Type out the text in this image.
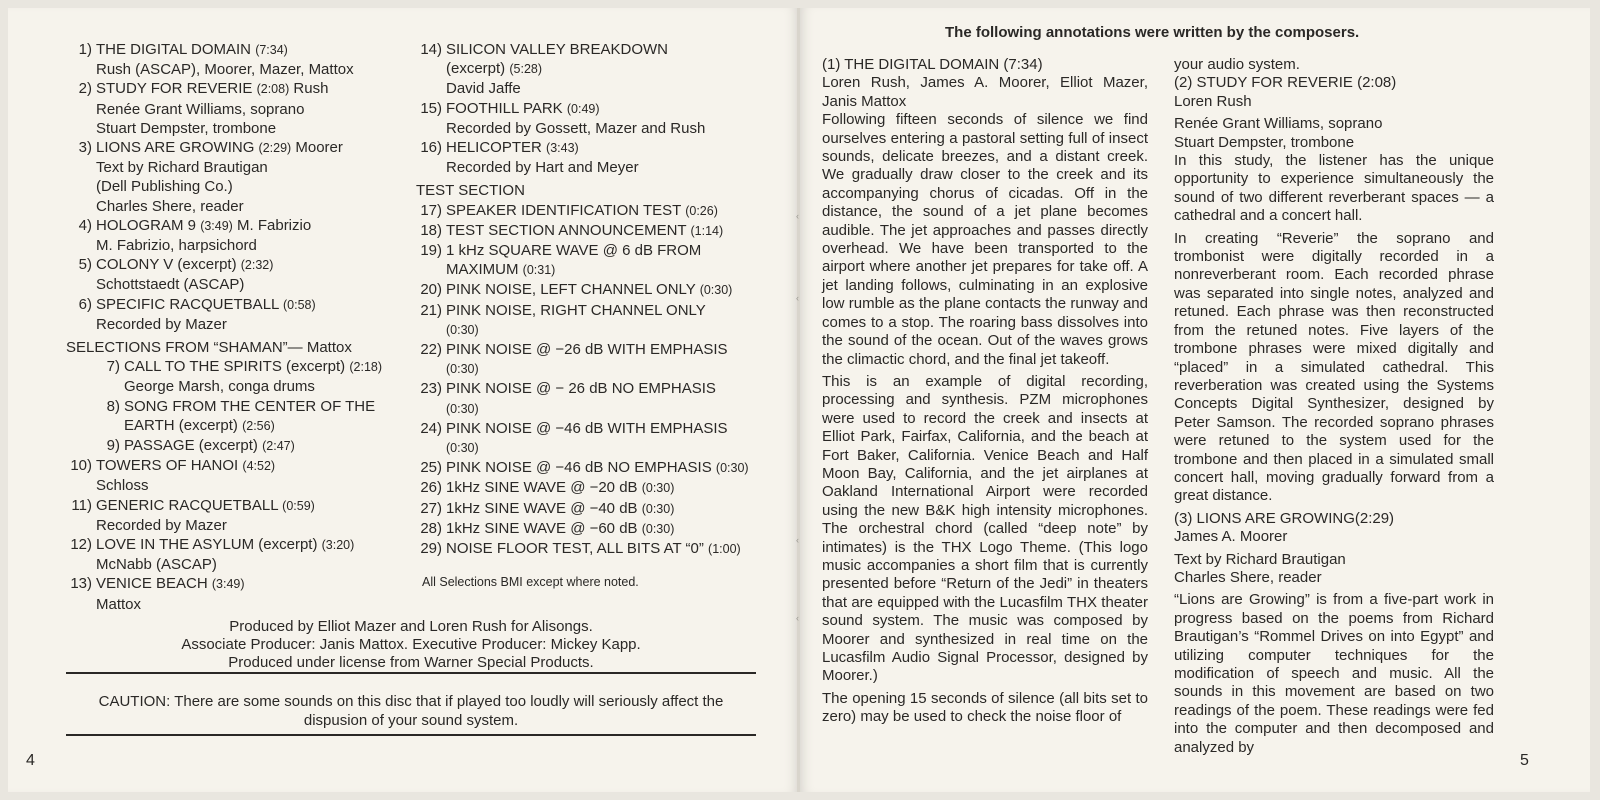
1) THE DIGITAL DOMAIN (7:34)
Rush (ASCAP), Moorer, Mazer, Mattox
2) STUDY FOR REVERIE (2:08) Rush
Renée Grant Williams, soprano
Stuart Dempster, trombone
3) LIONS ARE GROWING (2:29) Moorer
Text by Richard Brautigan
(Dell Publishing Co.)
Charles Shere, reader
4) HOLOGRAM 9 (3:49) M. Fabrizio
M. Fabrizio, harpsichord
5) COLONY V (excerpt) (2:32)
Schottstaedt (ASCAP)
6) SPECIFIC RACQUETBALL (0:58)
Recorded by Mazer
SELECTIONS FROM “SHAMAN”— Mattox
7) CALL TO THE SPIRITS (excerpt) (2:18)
George Marsh, conga drums
8) SONG FROM THE CENTER OF THE
EARTH (excerpt) (2:56)
9) PASSAGE (excerpt) (2:47)
10) TOWERS OF HANOI (4:52)
Schloss
11) GENERIC RACQUETBALL (0:59)
Recorded by Mazer
12) LOVE IN THE ASYLUM (excerpt) (3:20)
McNabb (ASCAP)
13) VENICE BEACH (3:49)
Mattox
14) SILICON VALLEY BREAKDOWN
(excerpt) (5:28)
David Jaffe
15) FOOTHILL PARK (0:49)
Recorded by Gossett, Mazer and Rush
16) HELICOPTER (3:43)
Recorded by Hart and Meyer
TEST SECTION
17) SPEAKER IDENTIFICATION TEST (0:26)
18) TEST SECTION ANNOUNCEMENT (1:14)
19) 1 kHz SQUARE WAVE @ 6 dB FROM
MAXIMUM (0:31)
20) PINK NOISE, LEFT CHANNEL ONLY (0:30)
21) PINK NOISE, RIGHT CHANNEL ONLY
(0:30)
22) PINK NOISE @ −26 dB WITH EMPHASIS
(0:30)
23) PINK NOISE @ − 26 dB NO EMPHASIS
(0:30)
24) PINK NOISE @ −46 dB WITH EMPHASIS
(0:30)
25) PINK NOISE @ −46 dB NO EMPHASIS (0:30)
26) 1kHz SINE WAVE @ −20 dB (0:30)
27) 1kHz SINE WAVE @ −40 dB (0:30)
28) 1kHz SINE WAVE @ −60 dB (0:30)
29) NOISE FLOOR TEST, ALL BITS AT “0” (1:00)
All Selections BMI except where noted.
Produced by Elliot Mazer and Loren Rush for Alisongs.
Associate Producer: Janis Mattox. Executive Producer: Mickey Kapp.
Produced under license from Warner Special Products.
CAUTION: There are some sounds on this disc that if played too loudly will seriously affect the dispusion of your sound system.
4
‹
‹
‹
‹
The following annotations were written by the composers.

(1) THE DIGITAL DOMAIN (7:34)

Loren Rush, James A. Moorer, Elliot Mazer, Janis Mattox

Following fifteen seconds of silence we find ourselves entering a pastoral setting full of insect sounds, delicate breezes, and a distant creek. We gradually draw closer to the creek and its accompanying chorus of cicadas. Off in the distance, the sound of a jet plane becomes audible. The jet approaches and passes directly overhead. We have been transported to the airport where another jet prepares for take off. A jet landing follows, culminating in an explosive low rumble as the plane contacts the runway and comes to a stop. The roaring bass dissolves into the sound of the ocean. Out of the waves grows the climactic chord, and the final jet takeoff.

This is an example of digital recording, processing and synthesis. PZM microphones were used to record the creek and insects at Elliot Park, Fairfax, California, and the beach at Fort Baker, California. Venice Beach and Half Moon Bay, California, and the jet airplanes at Oakland International Airport were recorded using the new B&K high intensity microphones. The orchestral chord (called “deep note” by intimates) is the THX Logo Theme. (This logo music accompanies a short film that is currently presented before “Return of the Jedi” in theaters that are equipped with the Lucasfilm THX theater sound system. The music was composed by Moorer and synthesized in real time on the Lucasfilm Audio Signal Processor, designed by Moorer.)

The opening 15 seconds of silence (all bits set to zero) may be used to check the noise floor of

your audio system.

(2) STUDY FOR REVERIE (2:08)

Loren Rush

Renée Grant Williams, soprano

Stuart Dempster, trombone

In this study, the listener has the unique opportunity to experience simultaneously the sound of two different reverberant spaces — a cathedral and a concert hall.

In creating “Reverie” the soprano and trombonist were digitally recorded in a nonreverberant room. Each recorded phrase was separated into single notes, analyzed and retuned. Each phrase was then reconstructed from the retuned notes. Five layers of the trombone phrases were mixed digitally and “placed” in a simulated cathedral. This reverberation was created using the Systems Concepts Digital Synthesizer, designed by Peter Samson. The recorded soprano phrases were retuned to the system used for the trombone and then placed in a simulated small concert hall, moving gradually forward from a great distance.

(3) LIONS ARE GROWING(2:29)

James A. Moorer

Text by Richard Brautigan

Charles Shere, reader

“Lions are Growing” is from a five-part work in progress based on the poems from Richard Brautigan’s “Rommel Drives on into Egypt” and utilizing computer techniques for the modification of speech and music. All the sounds in this movement are based on two readings of the poem. These readings were fed into the computer and then decomposed and analyzed by

5
